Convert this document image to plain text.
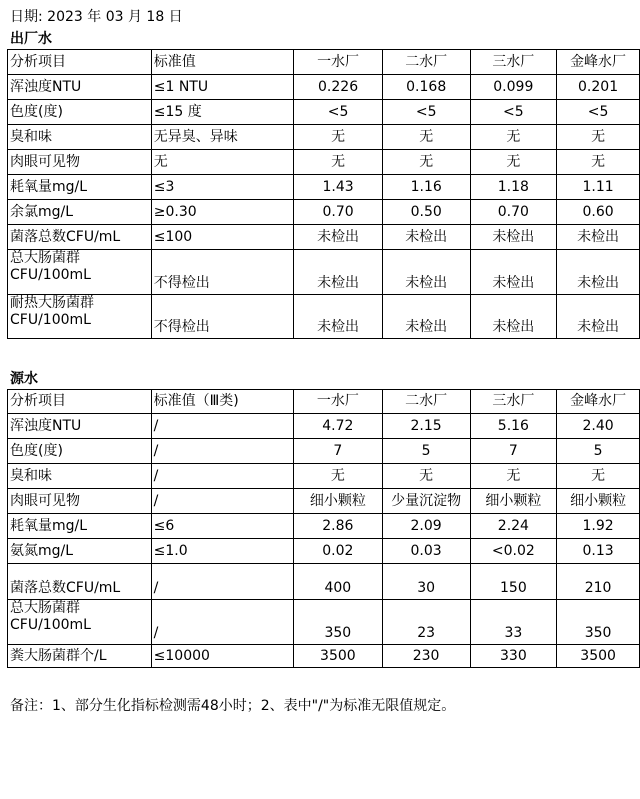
日期: 2023 年 03 月 18 日
出厂水
分析项目	标准值	一水厂	二水厂	三水厂	金峰水厂
浑浊度NTU	≤1 NTU	0.226	0.168	0.099	0.201
色度(度)	≤15 度	<5	<5	<5	<5
臭和味	无异臭、异味	无	无	无	无
肉眼可见物	无	无	无	无	无
耗氧量mg/L	≤3	1.43	1.16	1.18	1.11
余氯mg/L	≥0.30	0.70	0.50	0.70	0.60
菌落总数CFU/mL	≤100	未检出	未检出	未检出	未检出

总大肠菌群
CFU/100mL	不得检出	未检出	未检出	未检出	未检出

耐热大肠菌群
CFU/100mL	不得检出	未检出	未检出	未检出	未检出
源水
分析项目	标准值（Ⅲ类)	一水厂	二水厂	三水厂	金峰水厂
浑浊度NTU	/	4.72	2.15	5.16	2.40
色度(度)	/	7	5	7	5
臭和味	/	无	无	无	无
肉眼可见物	/	细小颗粒	少量沉淀物	细小颗粒	细小颗粒
耗氧量mg/L	≤6	2.86	2.09	2.24	1.92
氨氮mg/L	≤1.0	0.02	0.03	<0.02	0.13
菌落总数CFU/mL	/	400	30	150	210

总大肠菌群
CFU/100mL	/	350	23	33	350
粪大肠菌群个/L	≤10000	3500	230	330	3500
备注：1、部分生化指标检测需48小时；2、表中"/"为标准无限值规定。
